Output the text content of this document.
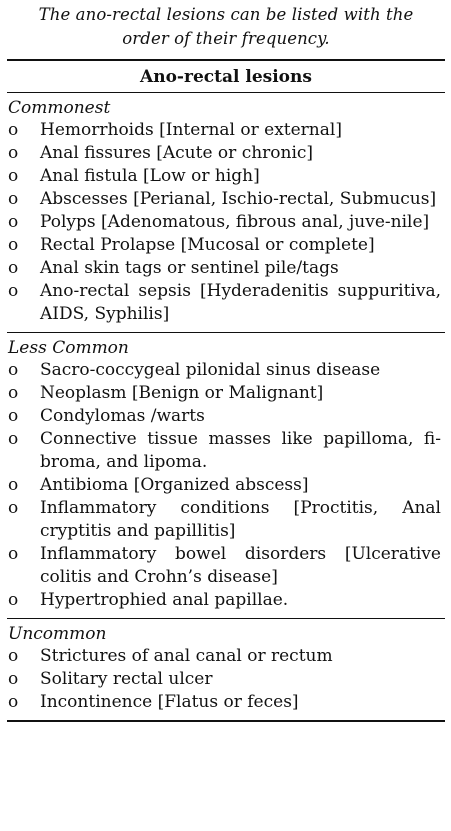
The ano-rectal lesions can be listed with the order of their frequency.
Ano-rectal lesions
Commonest
o	Hemorrhoids [Internal or external]
o	Anal fissures [Acute or chronic]
o	Anal fistula [Low or high]
o	Abscesses [Perianal, Ischio-rectal, Submucus]
o	Polyps [Adenomatous, fibrous anal, juve-nile]
o	Rectal Prolapse [Mucosal or complete]
o	Anal skin tags or sentinel pile/tags
o	Ano-rectal sepsis [Hyderadenitis suppuritiva, AIDS, Syphilis]
Less Common
o	Sacro-coccygeal pilonidal sinus disease
o	Neoplasm [Benign or Malignant]
o	Condylomas /warts
o	Connective tissue masses like papilloma, fi-broma, and lipoma.
o	Antibioma [Organized abscess]
o	Inflammatory conditions [Proctitis, Anal cryptitis and papillitis]
o	Inflammatory bowel disorders [Ulcerative colitis and Crohn’s disease]
o	Hypertrophied anal papillae.
Uncommon
o	Strictures of anal canal or rectum
o	Solitary rectal ulcer
o	Incontinence [Flatus or feces]
